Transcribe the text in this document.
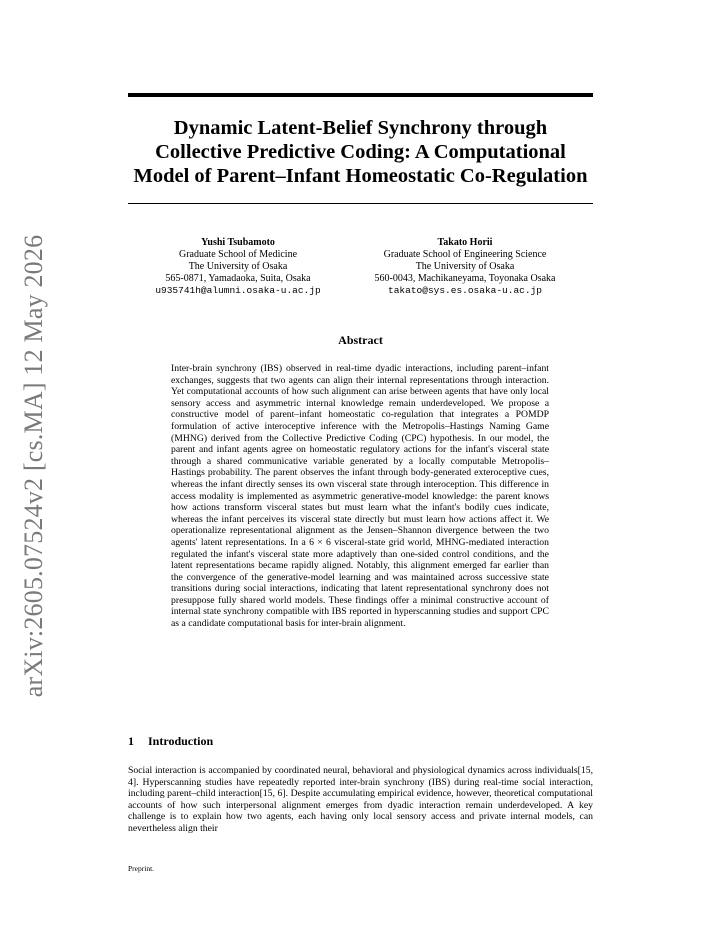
arXiv:2605.07524v2 [cs.MA] 12 May 2026
Dynamic Latent-Belief Synchrony through Collective Predictive Coding: A Computational Model of Parent–Infant Homeostatic Co-Regulation
Yushi Tsubamoto
Graduate School of Medicine
The University of Osaka
565-0871, Yamadaoka, Suita, Osaka
u935741h@alumni.osaka-u.ac.jp
Takato Horii
Graduate School of Engineering Science
The University of Osaka
560-0043, Machikaneyama, Toyonaka Osaka
takato@sys.es.osaka-u.ac.jp
Abstract
Inter-brain synchrony (IBS) observed in real-time dyadic interactions, including parent–infant exchanges, suggests that two agents can align their internal representations through interaction. Yet computational accounts of how such alignment can arise between agents that have only local sensory access and asymmetric internal knowledge remain underdeveloped. We propose a constructive model of parent–infant homeostatic co-regulation that integrates a POMDP formulation of active interoceptive inference with the Metropolis–Hastings Naming Game (MHNG) derived from the Collective Predictive Coding (CPC) hypothesis. In our model, the parent and infant agents agree on homeostatic regulatory actions for the infant's visceral state through a shared communicative variable generated by a locally computable Metropolis–Hastings probability. The parent observes the infant through body-generated exteroceptive cues, whereas the infant directly senses its own visceral state through interoception. This difference in access modality is implemented as asymmetric generative-model knowledge: the parent knows how actions transform visceral states but must learn what the infant's bodily cues indicate, whereas the infant perceives its visceral state directly but must learn how actions affect it. We operationalize representational alignment as the Jensen–Shannon divergence between the two agents' latent representations. In a 6 × 6 visceral-state grid world, MHNG-mediated interaction regulated the infant's visceral state more adaptively than one-sided control conditions, and the latent representations became rapidly aligned. Notably, this alignment emerged far earlier than the convergence of the generative-model learning and was maintained across successive state transitions during social interactions, indicating that latent representational synchrony does not presuppose fully shared world models. These findings offer a minimal constructive account of internal state synchrony compatible with IBS reported in hyperscanning studies and support CPC as a candidate computational basis for inter-brain alignment.
1 Introduction
Social interaction is accompanied by coordinated neural, behavioral and physiological dynamics across individuals[15, 4]. Hyperscanning studies have repeatedly reported inter-brain synchrony (IBS) during real-time social interaction, including parent–child interaction[15, 6]. Despite accumulating empirical evidence, however, theoretical computational accounts of how such interpersonal alignment emerges from dyadic interaction remain underdeveloped. A key challenge is to explain how two agents, each having only local sensory access and private internal models, can nevertheless align their
Preprint.
